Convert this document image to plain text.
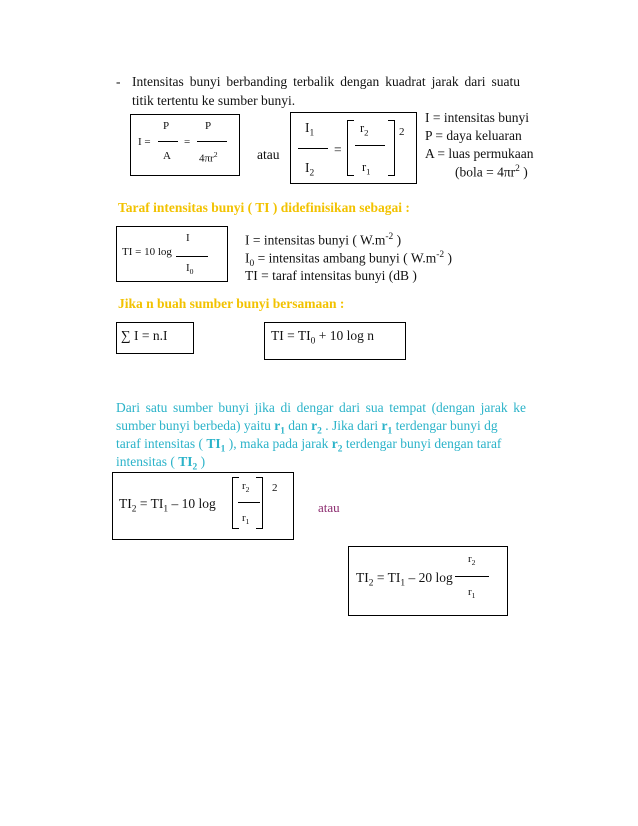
- Intensitas bunyi berbanding terbalik dengan kuadrat jarak dari suatu
titik tertentu ke sumber bunyi.
I =
P
A
=
P
$4\pi r^2$	atau
$I_1$
$I_2$
=
$r_2$
$r_1$
2
I = intensitas bunyi
P = daya keluaran
A = luas permukaan
(bola = $4\pi r^2$ )
Taraf intensitas bunyi ( TI ) didefinisikan sebagai :
TI = 10 log
I
$I_0$
I = intensitas bunyi ( $W.m^{-2}$ )
$I_0$ = intensitas ambang bunyi ( $W.m^{-2}$ )
TI = taraf intensitas bunyi (dB )
Jika n buah sumber bunyi bersamaan :
∑ I = n.I	TI = $TI_0 + 10$ log n
Dari satu sumber bunyi jika di dengar dari sua tempat (dengan jarak ke
sumber bunyi berbeda) yaitu $r_1$ dan $r_2$ . Jika dari $r_1$ terdengar bunyi dg
taraf intensitas ( $TI_1$ ), maka pada jarak $r_2$ terdengar bunyi dengan taraf
intensitas ( $TI_2$ )
$TI_2 = TI_1 - 10$ log
$r_2$
$r_1$
2
atau
$TI_2 = TI_1 - 20$ log
$r_2$
$r_1$
